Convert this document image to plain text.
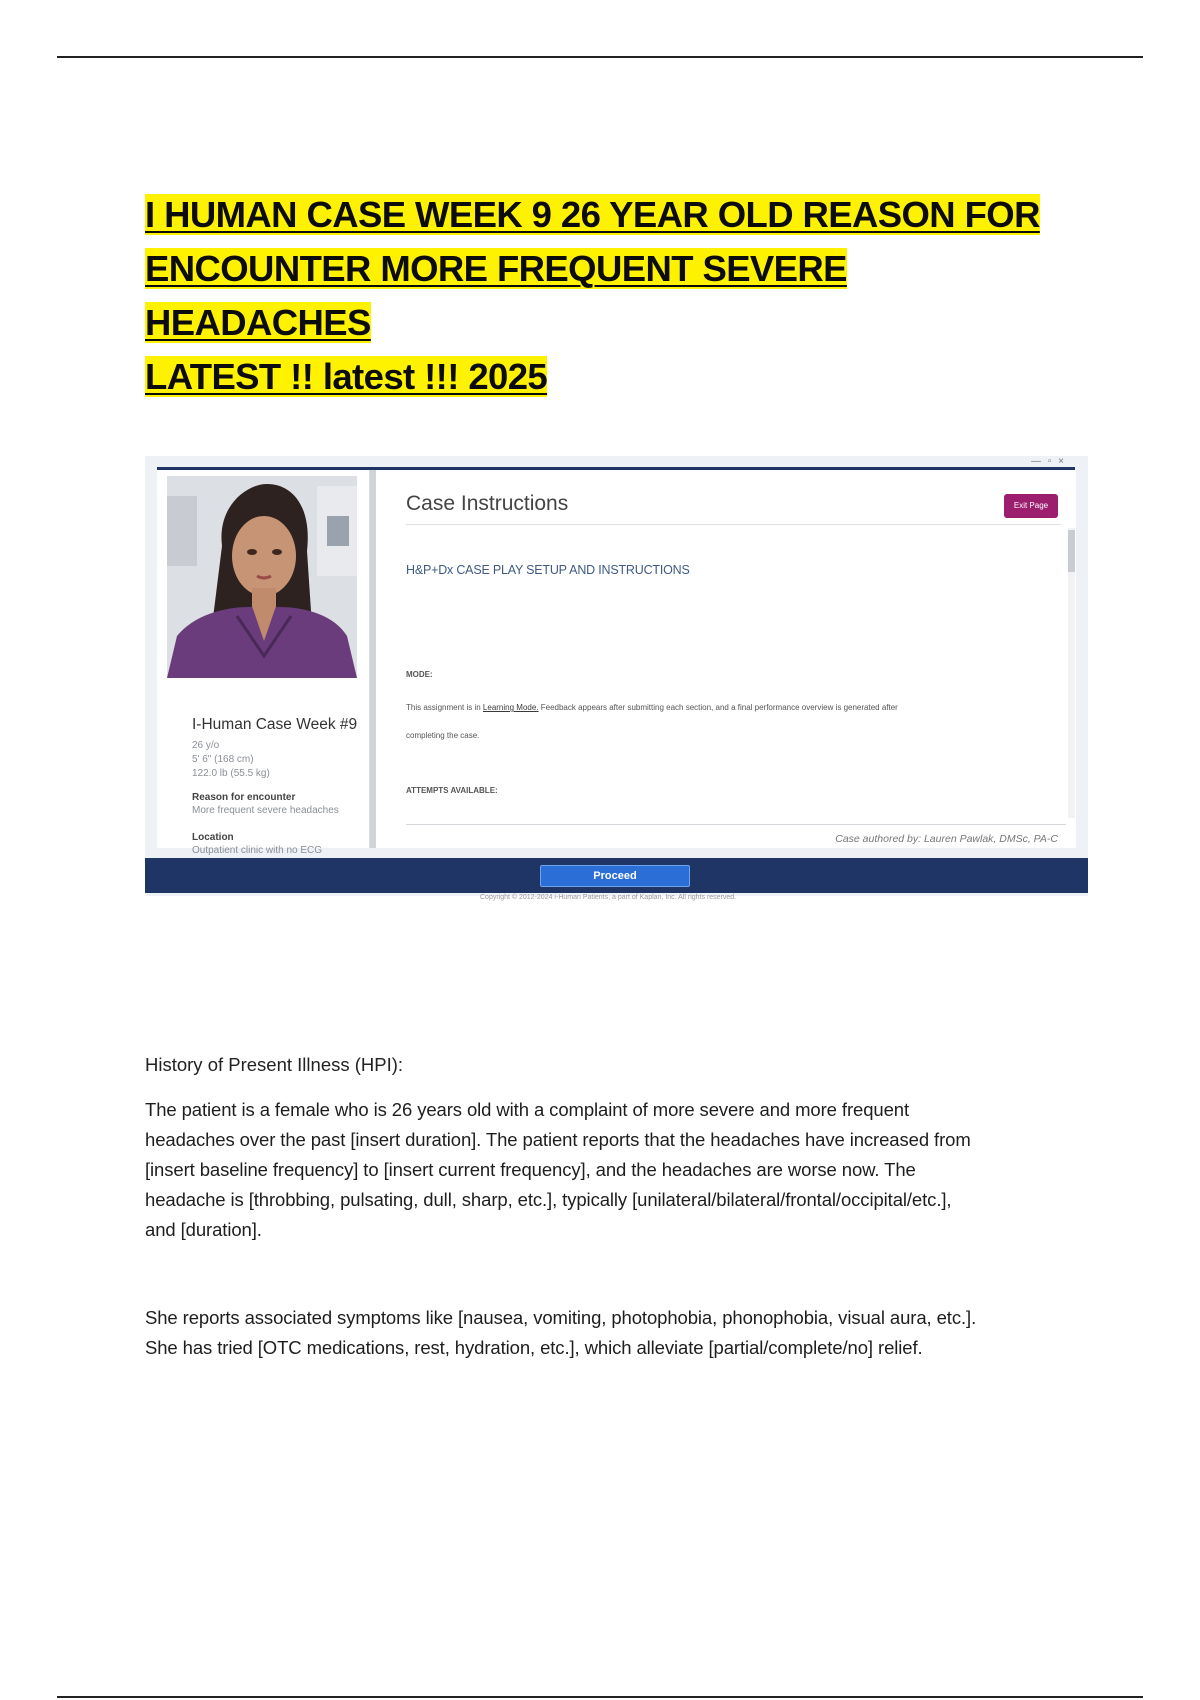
I HUMAN CASE WEEK 9 26 YEAR OLD REASON FOR
ENCOUNTER MORE FREQUENT SEVERE HEADACHES
LATEST !! latest !!! 2025
— ▫ ×
I-Human Case Week #9
26 y/o
5' 6" (168 cm)
122.0 lb (55.5 kg)
Reason for encounter
More frequent severe headaches
Location
Outpatient clinic with no ECG
Case Instructions	Exit Page
H&P+Dx CASE PLAY SETUP AND INSTRUCTIONS
MODE:
This assignment is in Learning Mode. Feedback appears after submitting each section, and a final performance overview is generated after
completing the case.
ATTEMPTS AVAILABLE:
Case authored by: Lauren Pawlak, DMSc, PA-C
Proceed
Copyright © 2012-2024 i-Human Patients, a part of Kaplan, Inc. All rights reserved.
History of Present Illness (HPI):
The patient is a female who is 26 years old with a complaint of more severe and more frequent
headaches over the past [insert duration]. The patient reports that the headaches have increased from
[insert baseline frequency] to [insert current frequency], and the headaches are worse now. The
headache is [throbbing, pulsating, dull, sharp, etc.], typically [unilateral/bilateral/frontal/occipital/etc.],
and [duration].
She reports associated symptoms like [nausea, vomiting, photophobia, phonophobia, visual aura, etc.].
She has tried [OTC medications, rest, hydration, etc.], which alleviate [partial/complete/no] relief.
